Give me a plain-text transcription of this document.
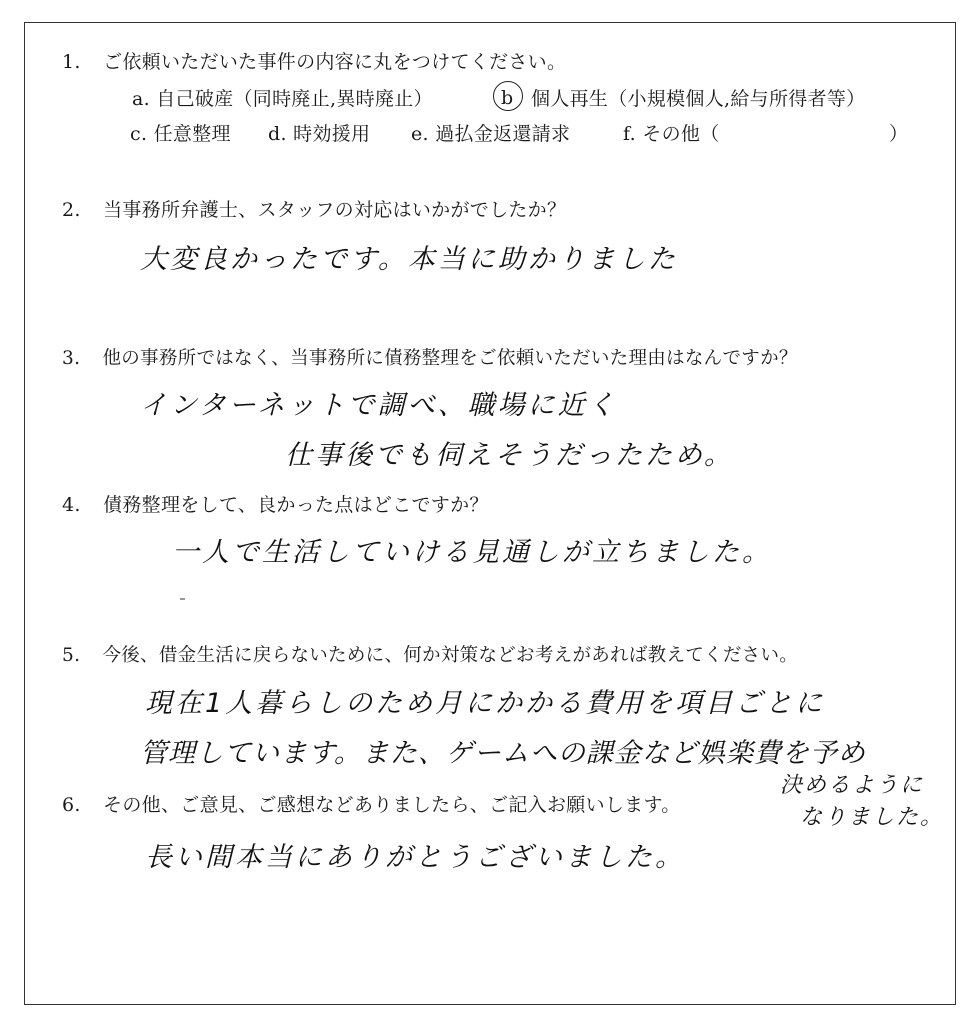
1. ご依頼いただいた事件の内容に丸をつけてください。
a. 自己破産（同時廃止,異時廃止）	b 個人再生（小規模個人,給与所得者等）
c. 任意整理 d. 時効援用 e. 過払金返還請求	f. その他（	）
2. 当事務所弁護士、スタッフの対応はいかがでしたか？
大変良かったです。本当に助かりました
3. 他の事務所ではなく、当事務所に債務整理をご依頼いただいた理由はなんですか？
インターネットで調べ、職場に近く
仕事後でも伺えそうだったため。
4. 債務整理をして、良かった点はどこですか？
一人で生活していける見通しが立ちました。
5. 今後、借金生活に戻らないために、何か対策などお考えがあれば教えてください。
現在1人暮らしのため月にかかる費用を項目ごとに
管理しています。また、ゲームへの課金など娯楽費を予め
決めるように
なりました。
6. その他、ご意見、ご感想などありましたら、ご記入お願いします。
長い間本当にありがとうございました。
